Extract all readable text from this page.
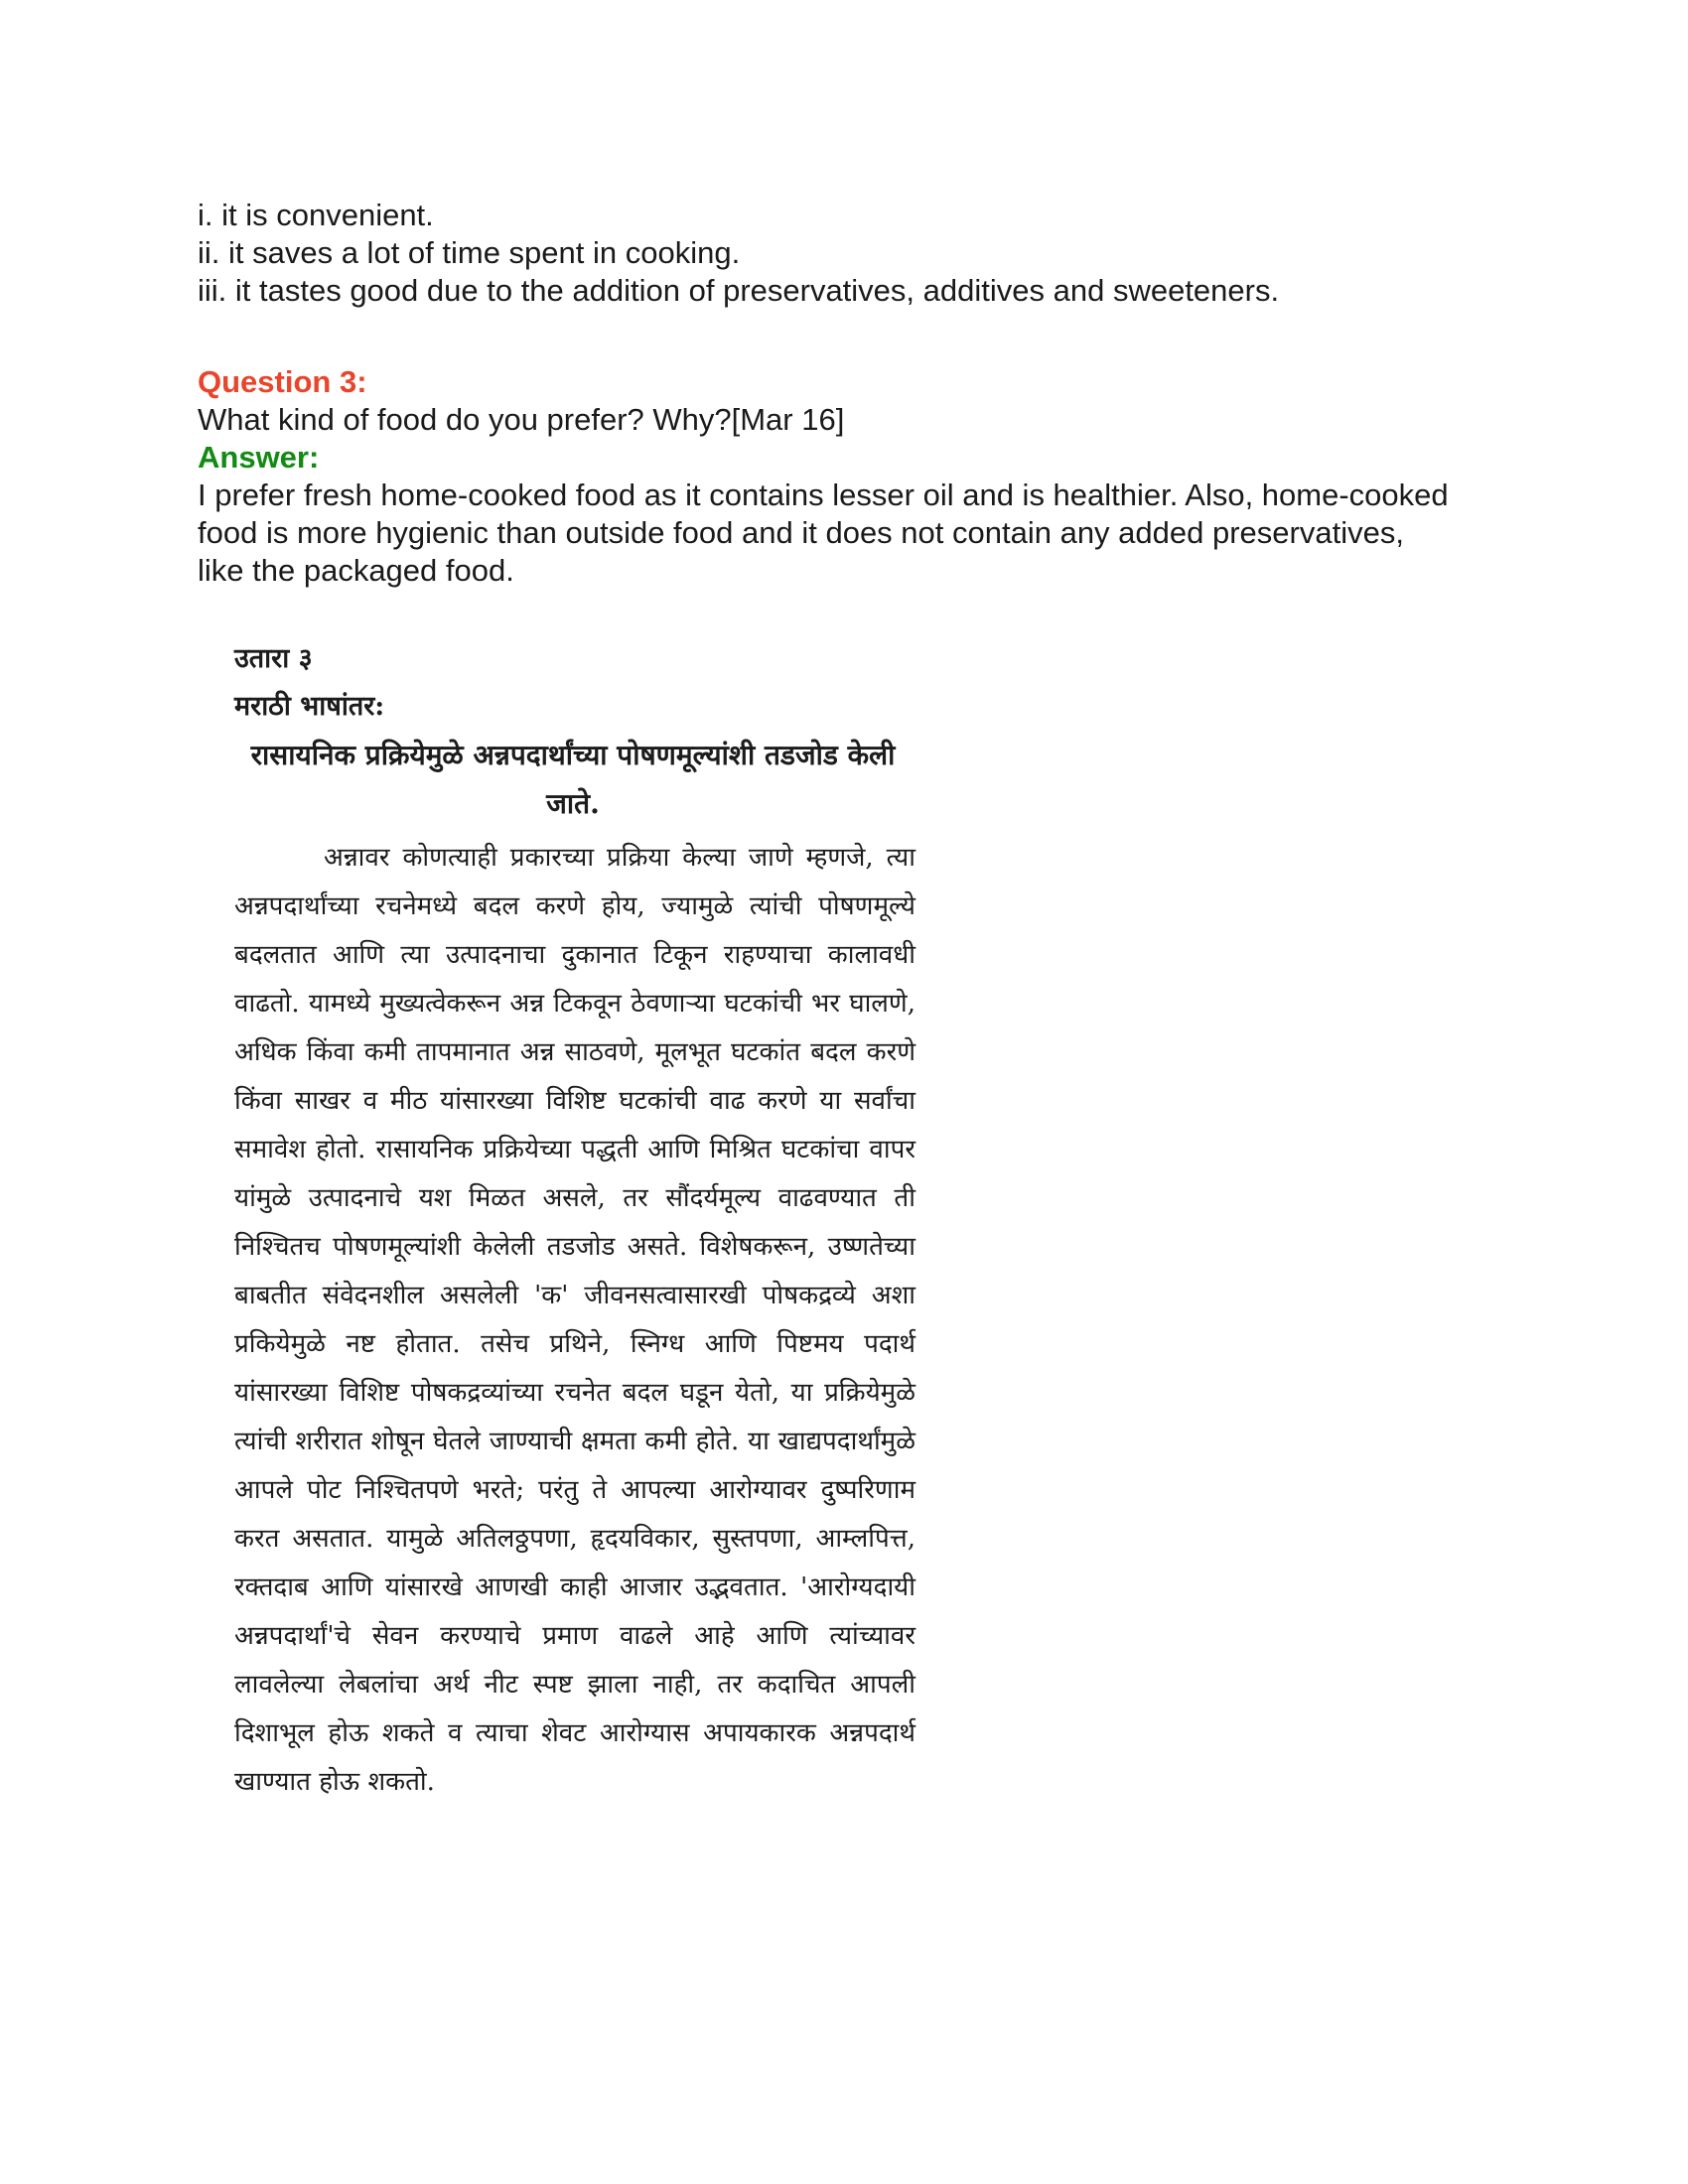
i. it is convenient.

ii. it saves a lot of time spent in cooking.

iii. it tastes good due to the addition of preservatives, additives and sweeteners.

Question 3:

What kind of food do you prefer? Why?[Mar 16]

Answer:

I prefer fresh home-cooked food as it contains lesser oil and is healthier. Also, home-cooked food is more hygienic than outside food and it does not contain any added preservatives, like the packaged food.

उतारा ३

मराठी भाषांतर:

रासायनिक प्रक्रियेमुळे अन्नपदार्थांच्या पोषणमूल्यांशी तडजोड केली जाते.

अन्नावर कोणत्याही प्रकारच्या प्रक्रिया केल्या जाणे म्हणजे, त्या अन्नपदार्थांच्या रचनेमध्ये बदल करणे होय, ज्यामुळे त्यांची पोषणमूल्ये बदलतात आणि त्या उत्पादनाचा दुकानात टिकून राहण्याचा कालावधी वाढतो. यामध्ये मुख्यत्वेकरून अन्न टिकवून ठेवणाऱ्या घटकांची भर घालणे, अधिक किंवा कमी तापमानात अन्न साठवणे, मूलभूत घटकांत बदल करणे किंवा साखर व मीठ यांसारख्या विशिष्ट घटकांची वाढ करणे या सर्वांचा समावेश होतो. रासायनिक प्रक्रियेच्या पद्धती आणि मिश्रित घटकांचा वापर यांमुळे उत्पादनाचे यश मिळत असले, तर सौंदर्यमूल्य वाढवण्यात ती निश्चितच पोषणमूल्यांशी केलेली तडजोड असते. विशेषकरून, उष्णतेच्या बाबतीत संवेदनशील असलेली 'क' जीवनसत्वासारखी पोषकद्रव्ये अशा प्रकियेमुळे नष्ट होतात. तसेच प्रथिने, स्निग्ध आणि पिष्टमय पदार्थ यांसारख्या विशिष्ट पोषकद्रव्यांच्या रचनेत बदल घडून येतो, या प्रक्रियेमुळे त्यांची शरीरात शोषून घेतले जाण्याची क्षमता कमी होते. या खाद्यपदार्थांमुळे आपले पोट निश्चितपणे भरते; परंतु ते आपल्या आरोग्यावर दुष्परिणाम करत असतात. यामुळे अतिलठ्ठपणा, हृदयविकार, सुस्तपणा, आम्लपित्त, रक्तदाब आणि यांसारखे आणखी काही आजार उद्भवतात. 'आरोग्यदायी अन्नपदार्थां'चे सेवन करण्याचे प्रमाण वाढले आहे आणि त्यांच्यावर लावलेल्या लेबलांचा अर्थ नीट स्पष्ट झाला नाही, तर कदाचित आपली दिशाभूल होऊ शकते व त्याचा शेवट आरोग्यास अपायकारक अन्नपदार्थ खाण्यात होऊ शकतो.
